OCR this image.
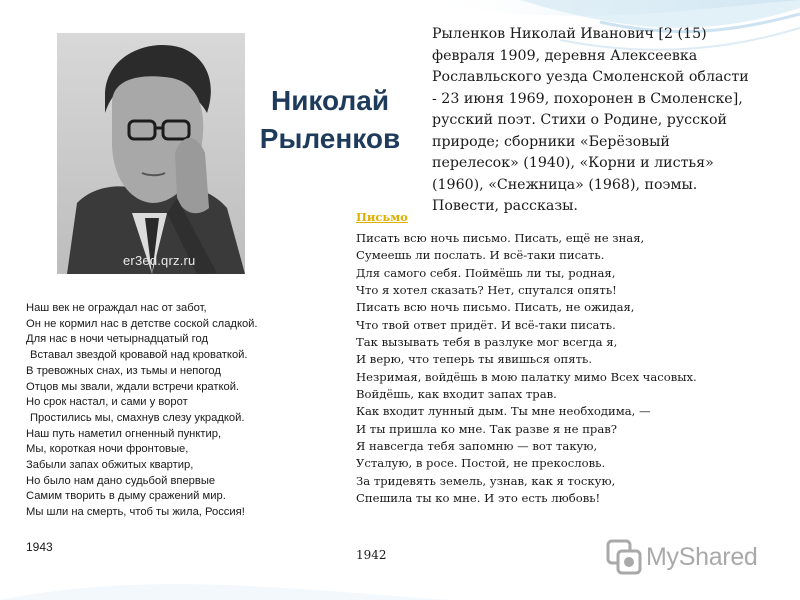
er3ed.qrz.ru
Николай
Рыленков
Рыленков Николай Иванович [2 (15)
февраля 1909, деревня Алексеевка
Рославльского уезда Смоленской области
- 23 июня 1969, похоронен в Смоленске],
русский поэт. Стихи о Родине, русской
природе; сборники «Берёзовый
перелесок» (1940), «Корни и листья»
(1960), «Снежница» (1968), поэмы.
Повести, рассказы.
Наш век не ограждал нас от забот,
Он не кормил нас в детстве соской сладкой.
Для нас в ночи четырнадцатый год
Вставал звездой кровавой над кроваткой.
В тревожных снах, из тьмы и непогод
Отцов мы звали, ждали встречи краткой.
Но срок настал, и сами у ворот
Простились мы, смахнув слезу украдкой.
Наш путь наметил огненный пунктир,
Мы, короткая ночи фронтовые,
Забыли запах обжитых квартир,
Но было нам дано судьбой впервые
Самим творить в дыму сражений мир.
Мы шли на смерть, чтоб ты жила, Россия!
1943
Письмо
Писать всю ночь письмо. Писать, ещё не зная,
Сумеешь ли послать. И всё-таки писать.
Для самого себя. Поймёшь ли ты, родная,
Что я хотел сказать? Нет, спутался опять!
Писать всю ночь письмо. Писать, не ожидая,
Что твой ответ придёт. И всё-таки писать.
Так вызывать тебя в разлуке мог всегда я,
И верю, что теперь ты явишься опять.
Незримая, войдёшь в мою палатку мимо Всех часовых.
Войдёшь, как входит запах трав.
Как входит лунный дым. Ты мне необходима, —
И ты пришла ко мне. Так разве я не прав?
Я навсегда тебя запомню — вот такую,
Усталую, в росе. Постой, не прекословь.
За тридевять земель, узнав, как я тоскую,
Спешила ты ко мне. И это есть любовь!
1942	MyShared
